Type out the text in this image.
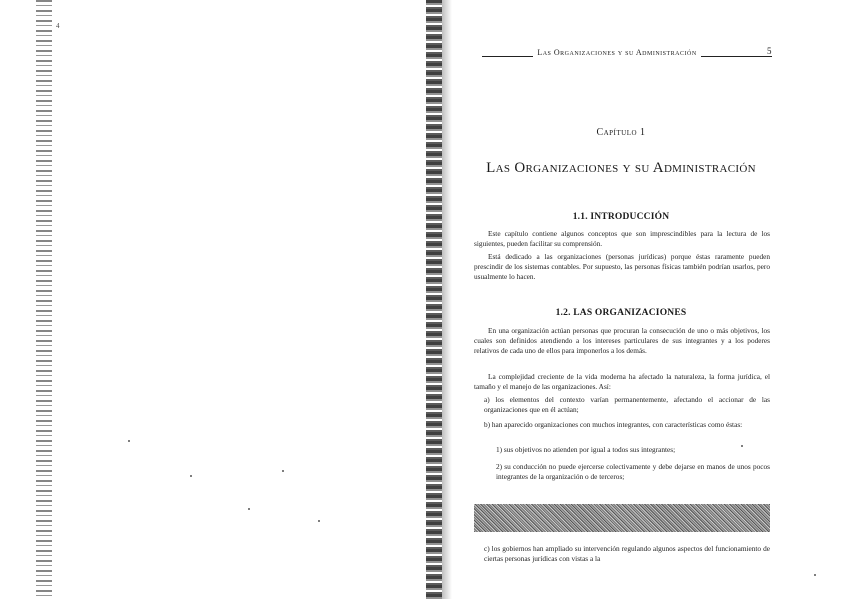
4
Las Organizaciones y su Administración	5
Capítulo 1
Las Organizaciones y su Administración
1.1. INTRODUCCIÓN
Este capítulo contiene algunos conceptos que son imprescindibles para la lectura de los siguientes, pueden facilitar su comprensión.
Está dedicado a las organizaciones (personas jurídicas) porque éstas raramente pueden prescindir de los sistemas contables. Por supuesto, las personas físicas también podrían usarlos, pero usualmente lo hacen.
1.2. LAS ORGANIZACIONES
En una organización actúan personas que procuran la consecución de uno o más objetivos, los cuales son definidos atendiendo a los intereses particulares de sus integrantes y a los poderes relativos de cada uno de ellos para imponerlos a los demás.
La complejidad creciente de la vida moderna ha afectado la naturaleza, la forma jurídica, el tamaño y el manejo de las organizaciones. Así:
a) los elementos del contexto varían permanentemente, afectando el accionar de las organizaciones que en él actúan;
b) han aparecido organizaciones con muchos integrantes, con características como éstas:
1) sus objetivos no atienden por igual a todos sus integrantes;
2) su conducción no puede ejercerse colectivamente y debe dejarse en manos de unos pocos integrantes de la organización o de terceros;
c) los gobiernos han ampliado su intervención regulando algunos aspectos del funcionamiento de ciertas personas jurídicas con vistas a la
